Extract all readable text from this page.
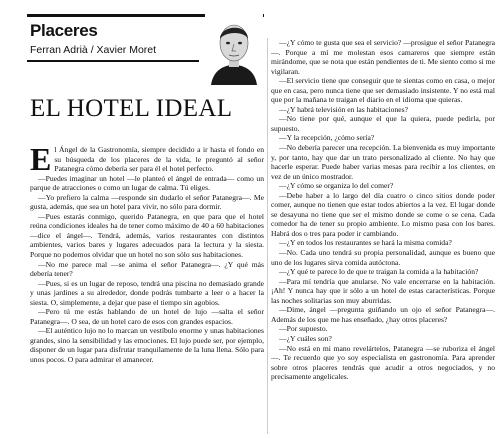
Placeres
Ferran Adrià / Xavier Moret
EL HOTEL IDEAL

El Ángel de la Gastronomía, siempre decidido a ir hasta el fondo en su búsqueda de los placeres de la vida, le preguntó al señor Patanegra cómo debería ser para él el hotel perfecto.

—Puedes imaginar un hotel —le planteó el ángel de entrada— como un parque de atracciones o como un lugar de calma. Tú eliges.

—Yo prefiero la calma —responde sin dudarlo el señor Patanegra—. Me gusta, además, que sea un hotel para vivir, no sólo para dormir.

—Pues estarás conmigo, querido Patanegra, en que para que el hotel reúna condiciones ideales ha de tener como máximo de 40 a 60 habitaciones —dice el ángel—. Tendrá, además, varios restaurantes con distintos ambientes, varios bares y lugares adecuados para la lectura y la siesta. Porque no podemos olvidar que un hotel no son sólo sus habitaciones.

—No me parece mal —se anima el señor Patanegra—. ¿Y qué más debería tener?

—Pues, si es un lugar de reposo, tendrá una piscina no demasiado grande y unas jardines a su alrededor, donde podrás tumbarte a leer o a hacer la siesta. O, simplemente, a dejar que pase el tiempo sin agobios.

—Pero tú me estás hablando de un hotel de lujo —salta el señor Patanegra—. O sea, de un hotel caro de esos con grandes espacios.

—El auténtico lujo no lo marcan un vestíbulo enorme y unas habitaciones grandes, sino la sensibilidad y las emociones. El lujo puede ser, por ejemplo, disponer de un lugar para disfrutar tranquilamente de la luna llena. Sólo para unos pocos. O para admirar el amanecer.

—¿Y cómo te gusta que sea el servicio? —prosigue el señor Patanegra—. Porque a mí me molestan esos camareros que siempre están mirándome, que se nota que están pendientes de ti. Me siento como si me vigilaran.

—El servicio tiene que conseguir que te sientas como en casa, o mejor que en casa, pero nunca tiene que ser demasiado insistente. Y no está mal que por la mañana te traigan el diario en el idioma que quieras.

—¿Y habrá televisión en las habitaciones?

—No tiene por qué, aunque el que la quiera, puede pedirla, por supuesto.

—Y la recepción, ¿cómo sería?

—No debería parecer una recepción. La bienvenida es muy importante y, por tanto, hay que dar un trato personalizado al cliente. No hay que hacerle esperar. Puede haber varias mesas para recibir a los clientes, en vez de un único mostrador.

—¿Y cómo se organiza lo del comer?

—Debe haber a lo largo del día cuatro o cinco sitios donde poder comer, aunque no tienen que estar todos abiertos a la vez. El lugar donde se desayuna no tiene que ser el mismo donde se come o se cena. Cada comedor ha de tener su propio ambiente. Lo mismo pasa con los bares. Habrá dos o tres para poder ir cambiando.

—¿Y en todos los restaurantes se hará la misma comida?

—No. Cada uno tendrá su propia personalidad, aunque es bueno que uno de los lugares sirva comida autóctona.

—¿Y qué te parece lo de que te traigan la comida a la habitación?

—Para mí tendría que anularse. No vale encerrarse en la habitación. ¡Ah! Y nunca hay que ir sólo a un hotel de estas características. Porque las noches solitarias son muy aburridas.

—Dime, ángel —pregunta guiñando un ojo el señor Patanegra—. Además de los que me has enseñado, ¿hay otros placeres?

—Por supuesto.

—¿Y cuáles son?

—No está en mi mano revelártelos, Patanegra —se ruboriza el ángel—. Te recuerdo que yo soy especialista en gastronomía. Para aprender sobre otros placeres tendrás que acudir a otros negociados, y no precisamente angelicales.
